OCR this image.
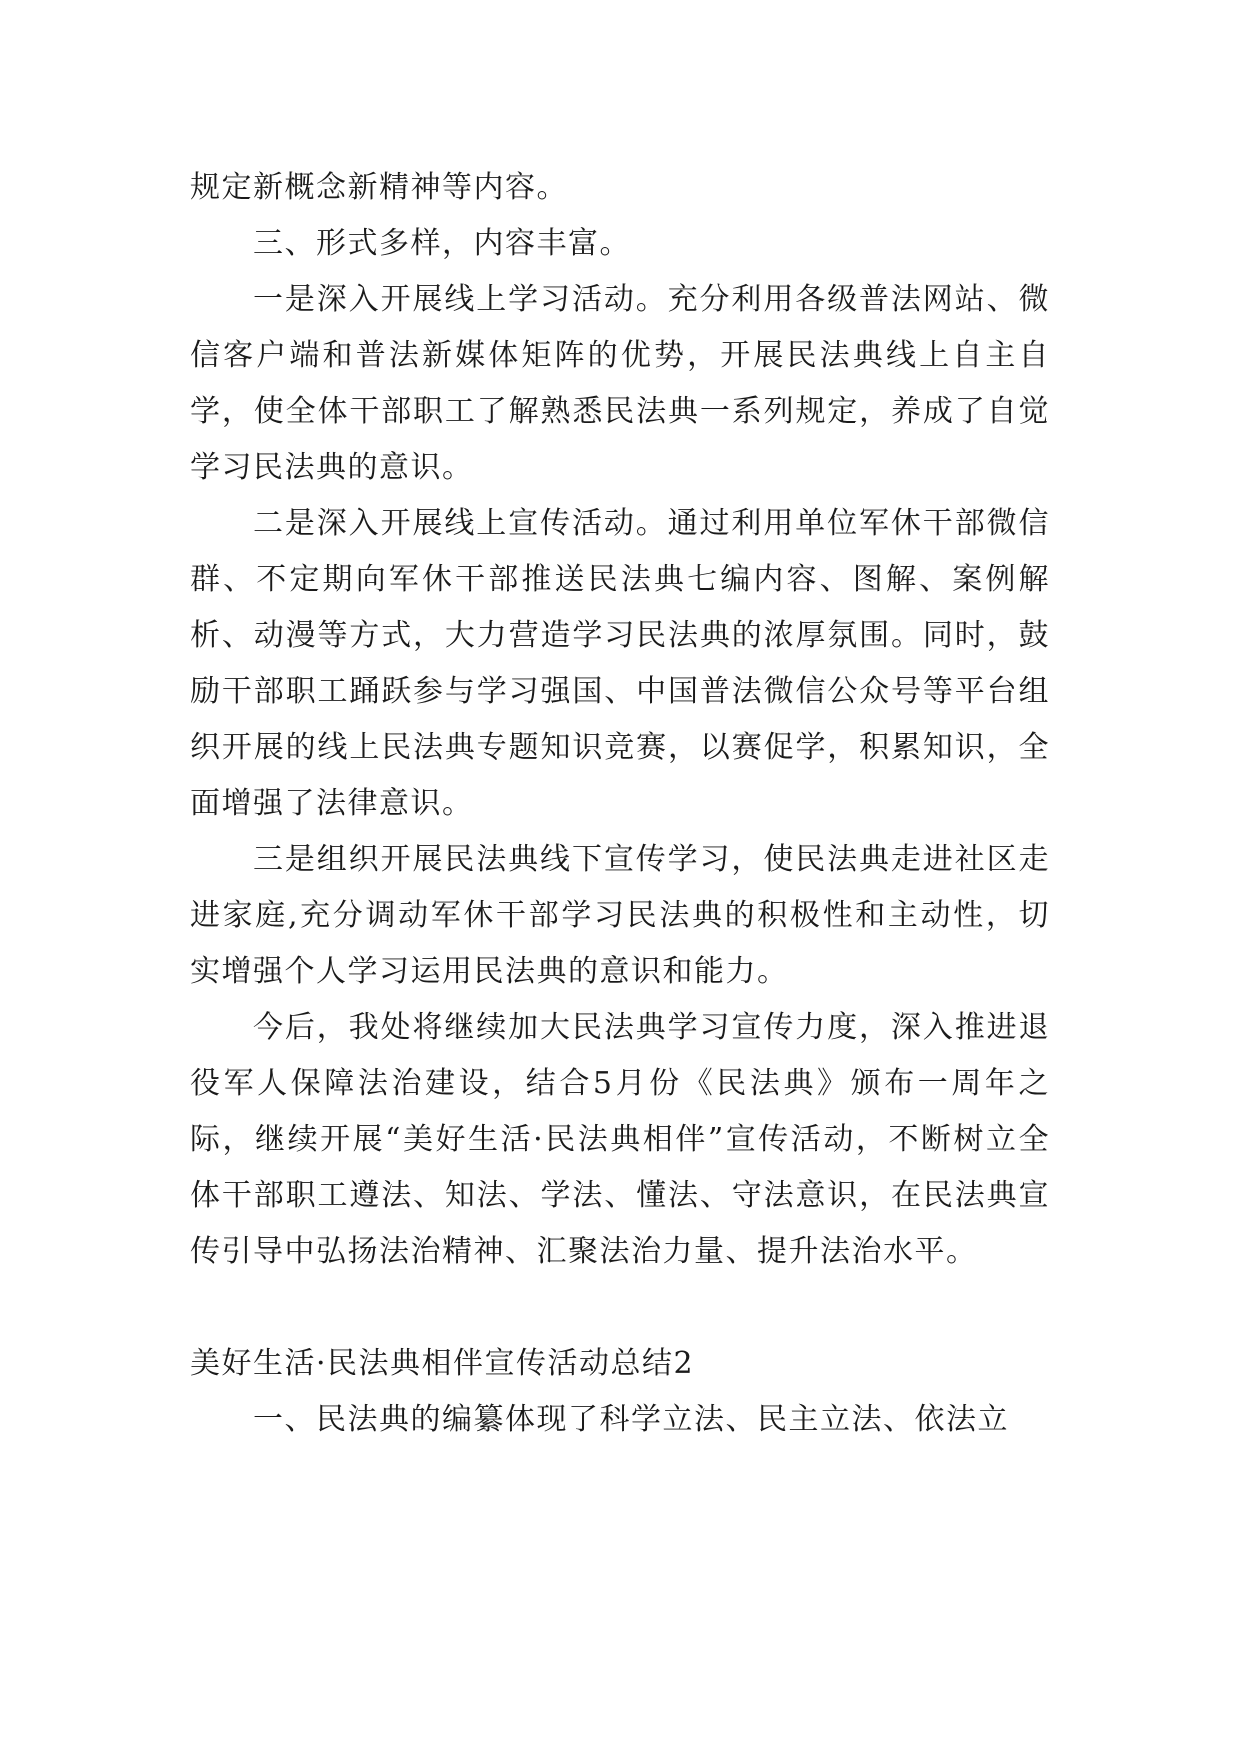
规定新概念新精神等内容。

三、形式多样，内容丰富。

一是深入开展线上学习活动。充分利用各级普法网站、微信客户端和普法新媒体矩阵的优势，开展民法典线上自主自学，使全体干部职工了解熟悉民法典一系列规定，养成了自觉学习民法典的意识。

二是深入开展线上宣传活动。通过利用单位军休干部微信群、不定期向军休干部推送民法典七编内容、图解、案例解析、动漫等方式，大力营造学习民法典的浓厚氛围。同时，鼓励干部职工踊跃参与学习强国、中国普法微信公众号等平台组织开展的线上民法典专题知识竞赛，以赛促学，积累知识，全面增强了法律意识。

三是组织开展民法典线下宣传学习，使民法典走进社区走进家庭,充分调动军休干部学习民法典的积极性和主动性，切实增强个人学习运用民法典的意识和能力。

今后，我处将继续加大民法典学习宣传力度，深入推进退役军人保障法治建设，结合5月份《民法典》颁布一周年之际，继续开展“美好生活·民法典相伴”宣传活动，不断树立全体干部职工遵法、知法、学法、懂法、守法意识，在民法典宣传引导中弘扬法治精神、汇聚法治力量、提升法治水平。

美好生活·民法典相伴宣传活动总结2

一、民法典的编纂体现了科学立法、民主立法、依法立
